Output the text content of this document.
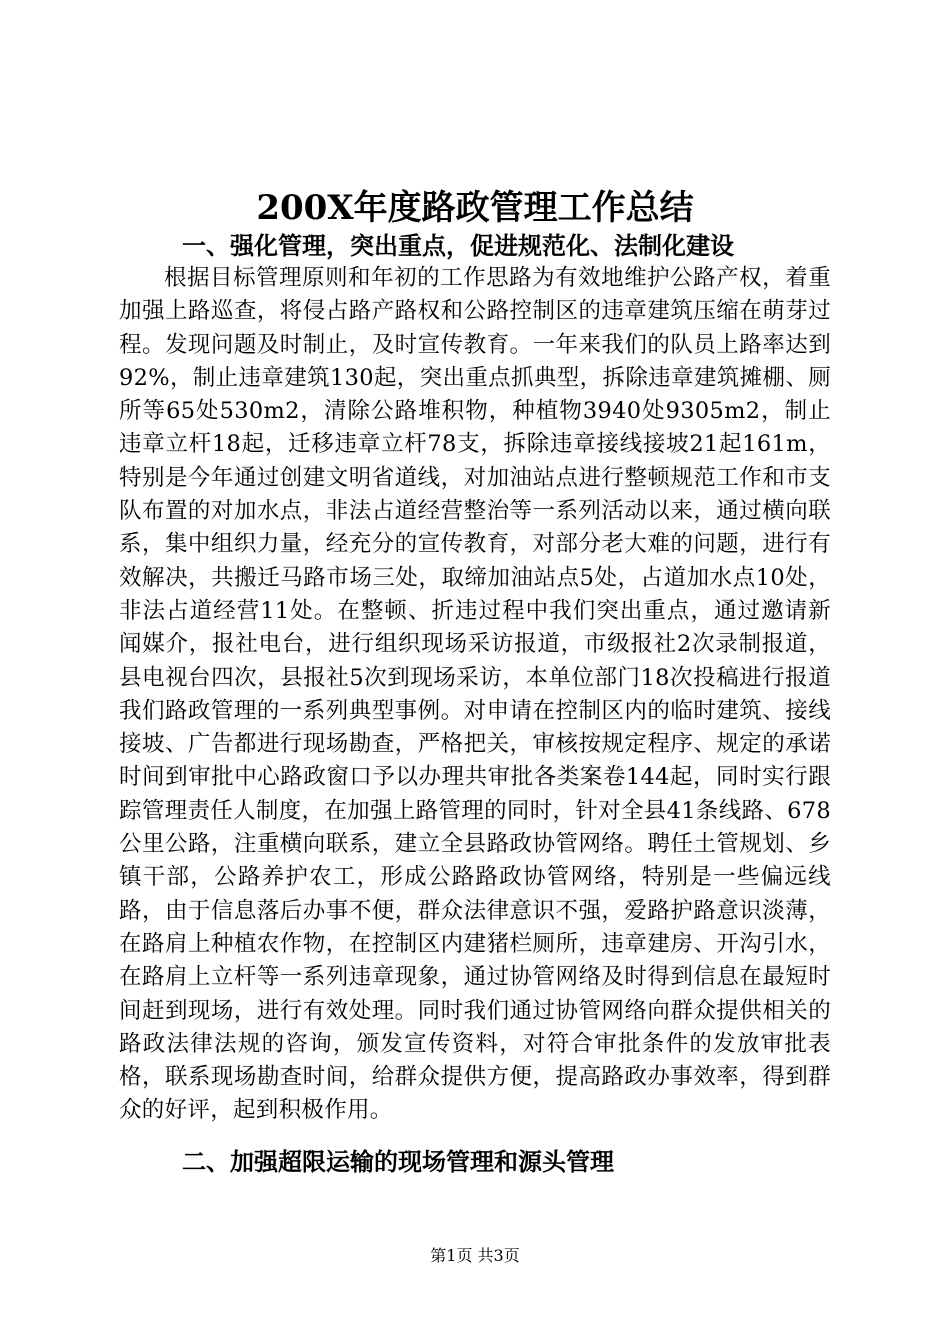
200X年度路政管理工作总结
一、强化管理，突出重点，促进规范化、法制化建设

根据目标管理原则和年初的工作思路为有效地维护公路产权，着重加强上路巡查，将侵占路产路权和公路控制区的违章建筑压缩在萌芽过程。发现问题及时制止，及时宣传教育。一年来我们的队员上路率达到92%，制止违章建筑130起，突出重点抓典型，拆除违章建筑摊棚、厕所等65处530m2，清除公路堆积物，种植物3940处9305m2，制止违章立杆18起，迁移违章立杆78支，拆除违章接线接坡21起161m，特别是今年通过创建文明省道线，对加油站点进行整顿规范工作和市支队布置的对加水点，非法占道经营整治等一系列活动以来，通过横向联系，集中组织力量，经充分的宣传教育，对部分老大难的问题，进行有效解决，共搬迁马路市场三处，取缔加油站点5处，占道加水点10处，非法占道经营11处。在整顿、折违过程中我们突出重点，通过邀请新闻媒介，报社电台，进行组织现场采访报道，市级报社2次录制报道，县电视台四次，县报社5次到现场采访，本单位部门18次投稿进行报道我们路政管理的一系列典型事例。对申请在控制区内的临时建筑、接线接坡、广告都进行现场勘查，严格把关，审核按规定程序、规定的承诺时间到审批中心路政窗口予以办理共审批各类案卷144起，同时实行跟踪管理责任人制度，在加强上路管理的同时，针对全县41条线路、678公里公路，注重横向联系，建立全县路政协管网络。聘任土管规划、乡镇干部，公路养护农工，形成公路路政协管网络，特别是一些偏远线路，由于信息落后办事不便，群众法律意识不强，爱路护路意识淡薄，在路肩上种植农作物，在控制区内建猪栏厕所，违章建房、开沟引水，在路肩上立杆等一系列违章现象，通过协管网络及时得到信息在最短时间赶到现场，进行有效处理。同时我们通过协管网络向群众提供相关的路政法律法规的咨询，颁发宣传资料，对符合审批条件的发放审批表格，联系现场勘查时间，给群众提供方便，提高路政办事效率，得到群众的好评，起到积极作用。

二、加强超限运输的现场管理和源头管理
第1页 共3页
